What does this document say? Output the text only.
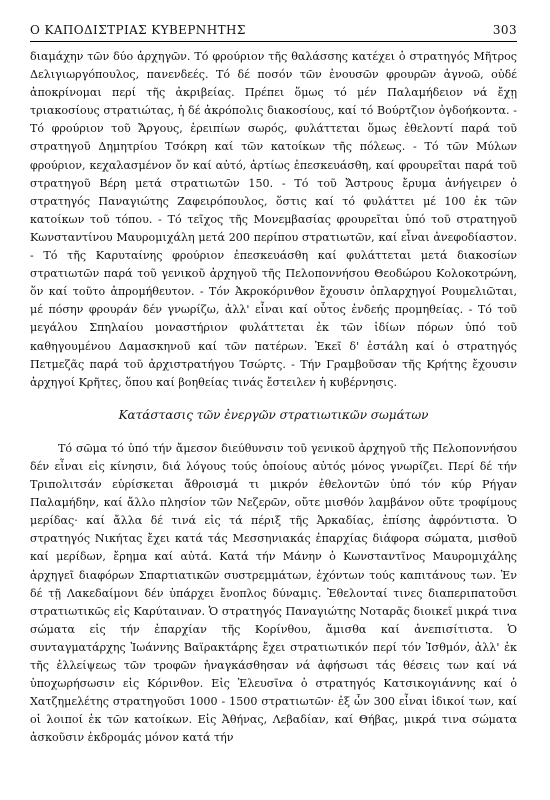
Ο ΚΑΠΟΔΙΣΤΡΙΑΣ ΚΥΒΕΡΝΗΤΗΣ	303

διαμάχην τῶν δύο ἀρχηγῶν. Τό φρούριον τῆς θαλάσσης κατέχει ὁ στρατηγός Μῆτρος Δελιγιωργόπουλος, πανενδεές. Τό δέ ποσόν τῶν ἐνουσῶν φρουρῶν ἀγνοῶ, οὐδέ ἀποκρίνομαι περί τῆς ἀκριβείας. Πρέπει ὅμως τό μέν Παλαμήδειον νά ἔχῃ τριακοσίους στρατιώτας, ἡ δέ ἀκρόπολις διακοσίους, καί τό Βούρτζιον ὀγδοήκοντα. - Τό φρούριον τοῦ Ἄργους, ἐρειπίων σωρός, φυλάττεται ὅμως ἐθελοντί παρά τοῦ στρατηγοῦ Δημητρίου Τσόκρη καί τῶν κατοίκων τῆς πόλεως. - Τό τῶν Μύλων φρούριον, κεχαλασμένον ὄν καί αὐτό, ἀρτίως ἐπεσκευάσθη, καί φρουρεῖται παρά τοῦ στρατηγοῦ Βέρη μετά στρατιωτῶν 150. - Τό τοῦ Ἄστρους ἔρυμα ἀνήγειρεν ὁ στρατηγός Παναγιώτης Ζαφειρόπουλος, ὅστις καί τό φυλάττει μέ 100 ἐκ τῶν κατοίκων τοῦ τόπου. - Τό τεῖχος τῆς Μονεμβασίας φρουρεῖται ὑπό τοῦ στρατηγοῦ Κωνσταντίνου Μαυρομιχάλη μετά 200 περίπου στρατιωτῶν, καί εἶναι ἀνεφοδίαστον. - Τό τῆς Καρυταίνης φρούριον ἐπεσκευάσθη καί φυλάττεται μετά διακοσίων στρατιωτῶν παρά τοῦ γενικοῦ ἀρχηγοῦ τῆς Πελοποννήσου Θεοδώρου Κολοκοτρώνη, ὅν καί τοῦτο ἀπρομήθευτον. - Τόν Ἀκροκόρινθον ἔχουσιν ὁπλαρχηγοί Ρουμελιῶται, μέ πόσην φρουράν δέν γνωρίζω, ἀλλ' εἶναι καί οὗτος ἐνδεής προμηθείας. - Τό τοῦ μεγάλου Σπηλαίου μοναστήριον φυλάττεται ἐκ τῶν ἰδίων πόρων ὑπό τοῦ καθηγουμένου Δαμασκηνοῦ καί τῶν πατέρων. Ἐκεῖ δ' ἐστάλη καί ὁ στρατηγός Πετμεζᾶς παρά τοῦ ἀρχιστρατήγου Τσώρτς. - Τήν Γραμβοῦσαν τῆς Κρήτης ἔχουσιν ἀρχηγοί Κρῆτες, ὅπου καί βοηθείας τινάς ἔστειλεν ἡ κυβέρνησις.

Κατάστασις τῶν ἐνεργῶν στρατιωτικῶν σωμάτων

Τό σῶμα τό ὑπό τήν ἄμεσον διεύθυνσιν τοῦ γενικοῦ ἀρχηγοῦ τῆς Πελοποννήσου δέν εἶναι εἰς κίνησιν, διά λόγους τούς ὁποίους αὐτός μόνος γνωρίζει. Περί δέ τήν Τριπολιτσάν εὑρίσκεται ἄθροισμά τι μικρόν ἐθελοντῶν ὑπό τόν κύρ Ρήγαν Παλαμήδην, καί ἄλλο πλησίον τῶν Νεζερῶν, οὔτε μισθόν λαμβάνον οὔτε τροφίμους μερίδας· καί ἄλλα δέ τινά εἰς τά πέριξ τῆς Ἀρκαδίας, ἐπίσης ἀφρόντιστα. Ὁ στρατηγός Νικήτας ἔχει κατά τάς Μεσσηνιακάς ἐπαρχίας διάφορα σώματα, μισθοῦ καί μερίδων, ἔρημα καί αὐτά. Κατά τήν Μάνην ὁ Κωνσταντῖνος Μαυρομιχάλης ἀρχηγεῖ διαφόρων Σπαρτιατικῶν συστρεμμάτων, ἐχόντων τούς καπιτάνους των. Ἐν δέ τῇ Λακεδαίμονι δέν ὑπάρχει ἔνοπλος δύναμις. Ἐθελονταί τινες διαπεριπατοῦσι στρατιωτικῶς εἰς Καρύταιναν. Ὁ στρατηγός Παναγιώτης Νοταρᾶς διοικεῖ μικρά τινα σώματα εἰς τήν ἐπαρχίαν τῆς Κορίνθου, ἄμισθα καί ἀνεπισίτιστα. Ὁ συνταγματάρχης Ἰωάννης Βαϊρακτάρης ἔχει στρατιωτικόν περί τόν Ἰσθμόν, ἀλλ' ἐκ τῆς ἐλλείψεως τῶν τροφῶν ἠναγκάσθησαν νά ἀφήσωσι τάς θέσεις των καί νά ὑποχωρήσωσιν εἰς Κόρινθον. Εἰς Ἐλευσῖνα ὁ στρατηγός Κατσικογιάννης καί ὁ Χατζημελέτης στρατηγοῦσι 1000 - 1500 στρατιωτῶν· ἐξ ὧν 300 εἶναι ἰδικοί των, καί οἱ λοιποί ἐκ τῶν κατοίκων. Εἰς Ἀθήνας, Λεβαδίαν, καί Θήβας, μικρά τινα σώματα ἀσκοῦσιν ἐκδρομάς μόνον κατά τήν
